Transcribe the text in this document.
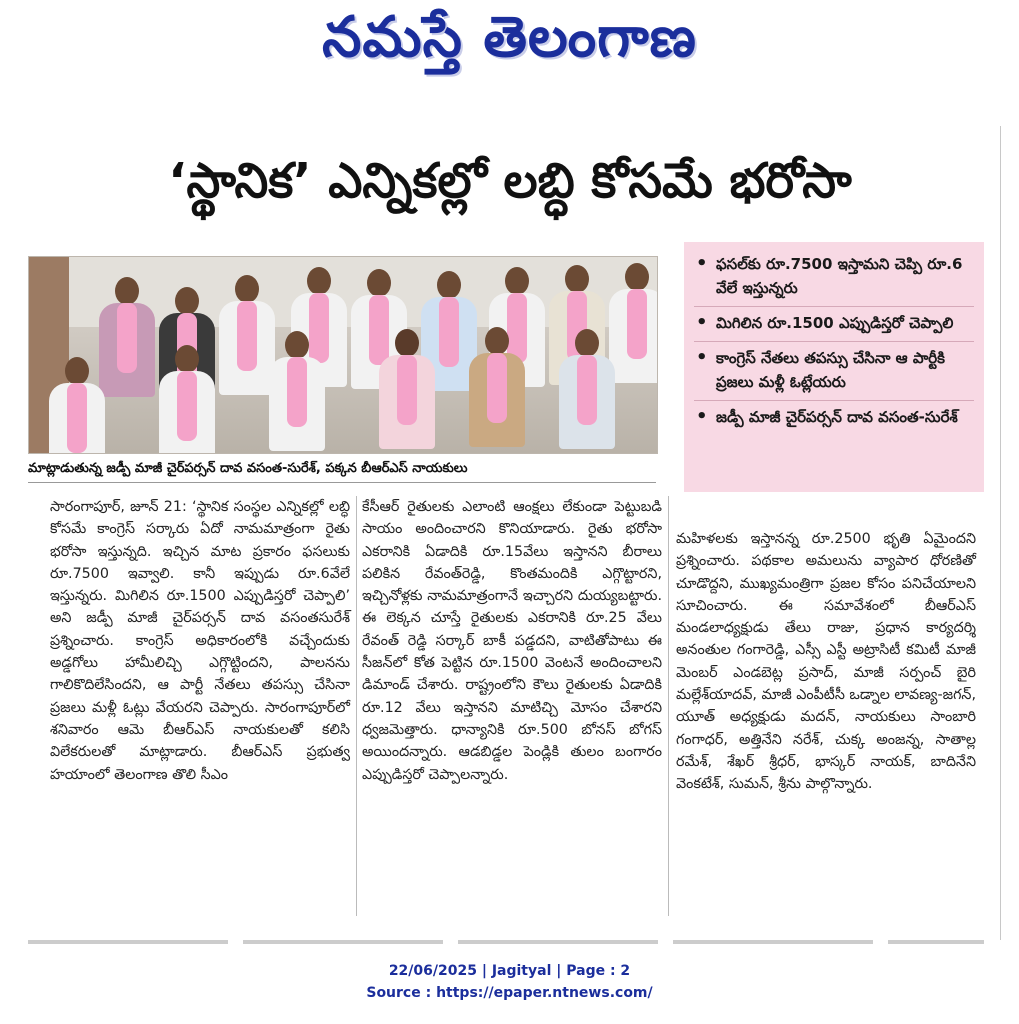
నమస్తే తెలంగాణ
‘స్థానిక’ ఎన్నికల్లో లబ్ధి కోసమే భరోసా
మాట్లాడుతున్న జడ్పీ మాజీ చైర్‌పర్సన్ దావ వసంత-సురేశ్, పక్కన బీఆర్‌ఎస్ నాయకులు
• ఫసల్‌కు రూ.7500 ఇస్తామని చెప్పి రూ.6 వేలే ఇస్తున్నరు
• మిగిలిన రూ.1500 ఎప్పుడిస్తరో చెప్పాలి
• కాంగ్రెస్ నేతలు తపస్సు చేసినా ఆ పార్టీకి ప్రజలు మళ్లీ ఓట్లేయరు
• జడ్పీ మాజీ చైర్‌పర్సన్ దావ వసంత-సురేశ్
సారంగాపూర్, జూన్ 21: ‘స్థానిక సంస్థల ఎన్నికల్లో లబ్ధి కోసమే కాంగ్రెస్ సర్కారు ఏదో నామమాత్రంగా రైతు భరోసా ఇస్తున్నది. ఇచ్చిన మాట ప్రకారం ఫసలుకు రూ.7500 ఇవ్వాలి. కానీ ఇప్పుడు రూ.6వేలే ఇస్తున్నరు. మిగిలిన రూ.1500 ఎప్పుడిస్తరో చెప్పాలి’ అని జడ్పీ మాజీ చైర్‌పర్సన్ దావ వసంతసురేశ్ ప్రశ్నించారు. కాంగ్రెస్ అధికారంలోకి వచ్చేందుకు అడ్డగోలు హామీలిచ్చి ఎగ్గొట్టిందని, పాలనను గాలికొదిలేసిందని, ఆ పార్టీ నేతలు తపస్సు చేసినా ప్రజలు మళ్లీ ఓట్లు వేయరని చెప్పారు. సారంగాపూర్‌లో శనివారం ఆమె బీఆర్‌ఎస్ నాయకులతో కలిసి విలేకరులతో మాట్లాడారు. బీఆర్‌ఎస్ ప్రభుత్వ హయాంలో తెలంగాణ తొలి సీఎం
కేసీఆర్ రైతులకు ఎలాంటి ఆంక్షలు లేకుండా పెట్టుబడి సాయం అందించారని కొనియాడారు. రైతు భరోసా ఎకరానికి ఏడాదికి రూ.15వేలు ఇస్తానని బీరాలు పలికిన రేవంత్‌రెడ్డి, కొంతమందికి ఎగ్గొట్టారని, ఇచ్చినోళ్లకు నామమాత్రంగానే ఇచ్చారని దుయ్యబట్టారు. ఈ లెక్కన చూస్తే రైతులకు ఎకరానికి రూ.25 వేలు రేవంత్ రెడ్డి సర్కార్ బాకీ పడ్డదని, వాటితోపాటు ఈ సీజన్‌లో కోత పెట్టిన రూ.1500 వెంటనే అందించాలని డిమాండ్ చేశారు. రాష్ట్రంలోని కౌలు రైతులకు ఏడాదికి రూ.12 వేలు ఇస్తానని మాటిచ్చి మోసం చేశారని ధ్వజమెత్తారు. ధాన్యానికి రూ.500 బోనస్ బోగస్ అయిందన్నారు. ఆడబిడ్డల పెండ్లికి తులం బంగారం ఎప్పుడిస్తరో చెప్పాలన్నారు.
మహిళలకు ఇస్తానన్న రూ.2500 భృతి ఏమైందని ప్రశ్నించారు. పథకాల అమలును వ్యాపార ధోరణితో చూడొద్దని, ముఖ్యమంత్రిగా ప్రజల కోసం పనిచేయాలని సూచించారు. ఈ సమావేశంలో బీఆర్‌ఎస్ మండలాధ్యక్షుడు తేలు రాజు, ప్రధాన కార్యదర్శి అనంతుల గంగారెడ్డి, ఎస్సీ ఎస్టీ అట్రాసిటీ కమిటీ మాజీ మెంబర్ ఎండబెట్ల ప్రసాద్, మాజీ సర్పంచ్ బైరి మల్లేశ్‌యాదవ్, మాజీ ఎంపీటీసీ ఒడ్నాల లావణ్య-జగన్, యూత్ అధ్యక్షుడు మదన్, నాయకులు సాంబారి గంగాధర్, అత్తినేని నరేశ్, చుక్క అంజన్న, సాతాల్ల రమేశ్, శేఖర్ శ్రీధర్, భాస్కర్ నాయక్, బాదినేని వెంకటేశ్, సుమన్, శ్రీను పాల్గొన్నారు.
22/06/2025 | Jagityal | Page : 2
Source : https://epaper.ntnews.com/
